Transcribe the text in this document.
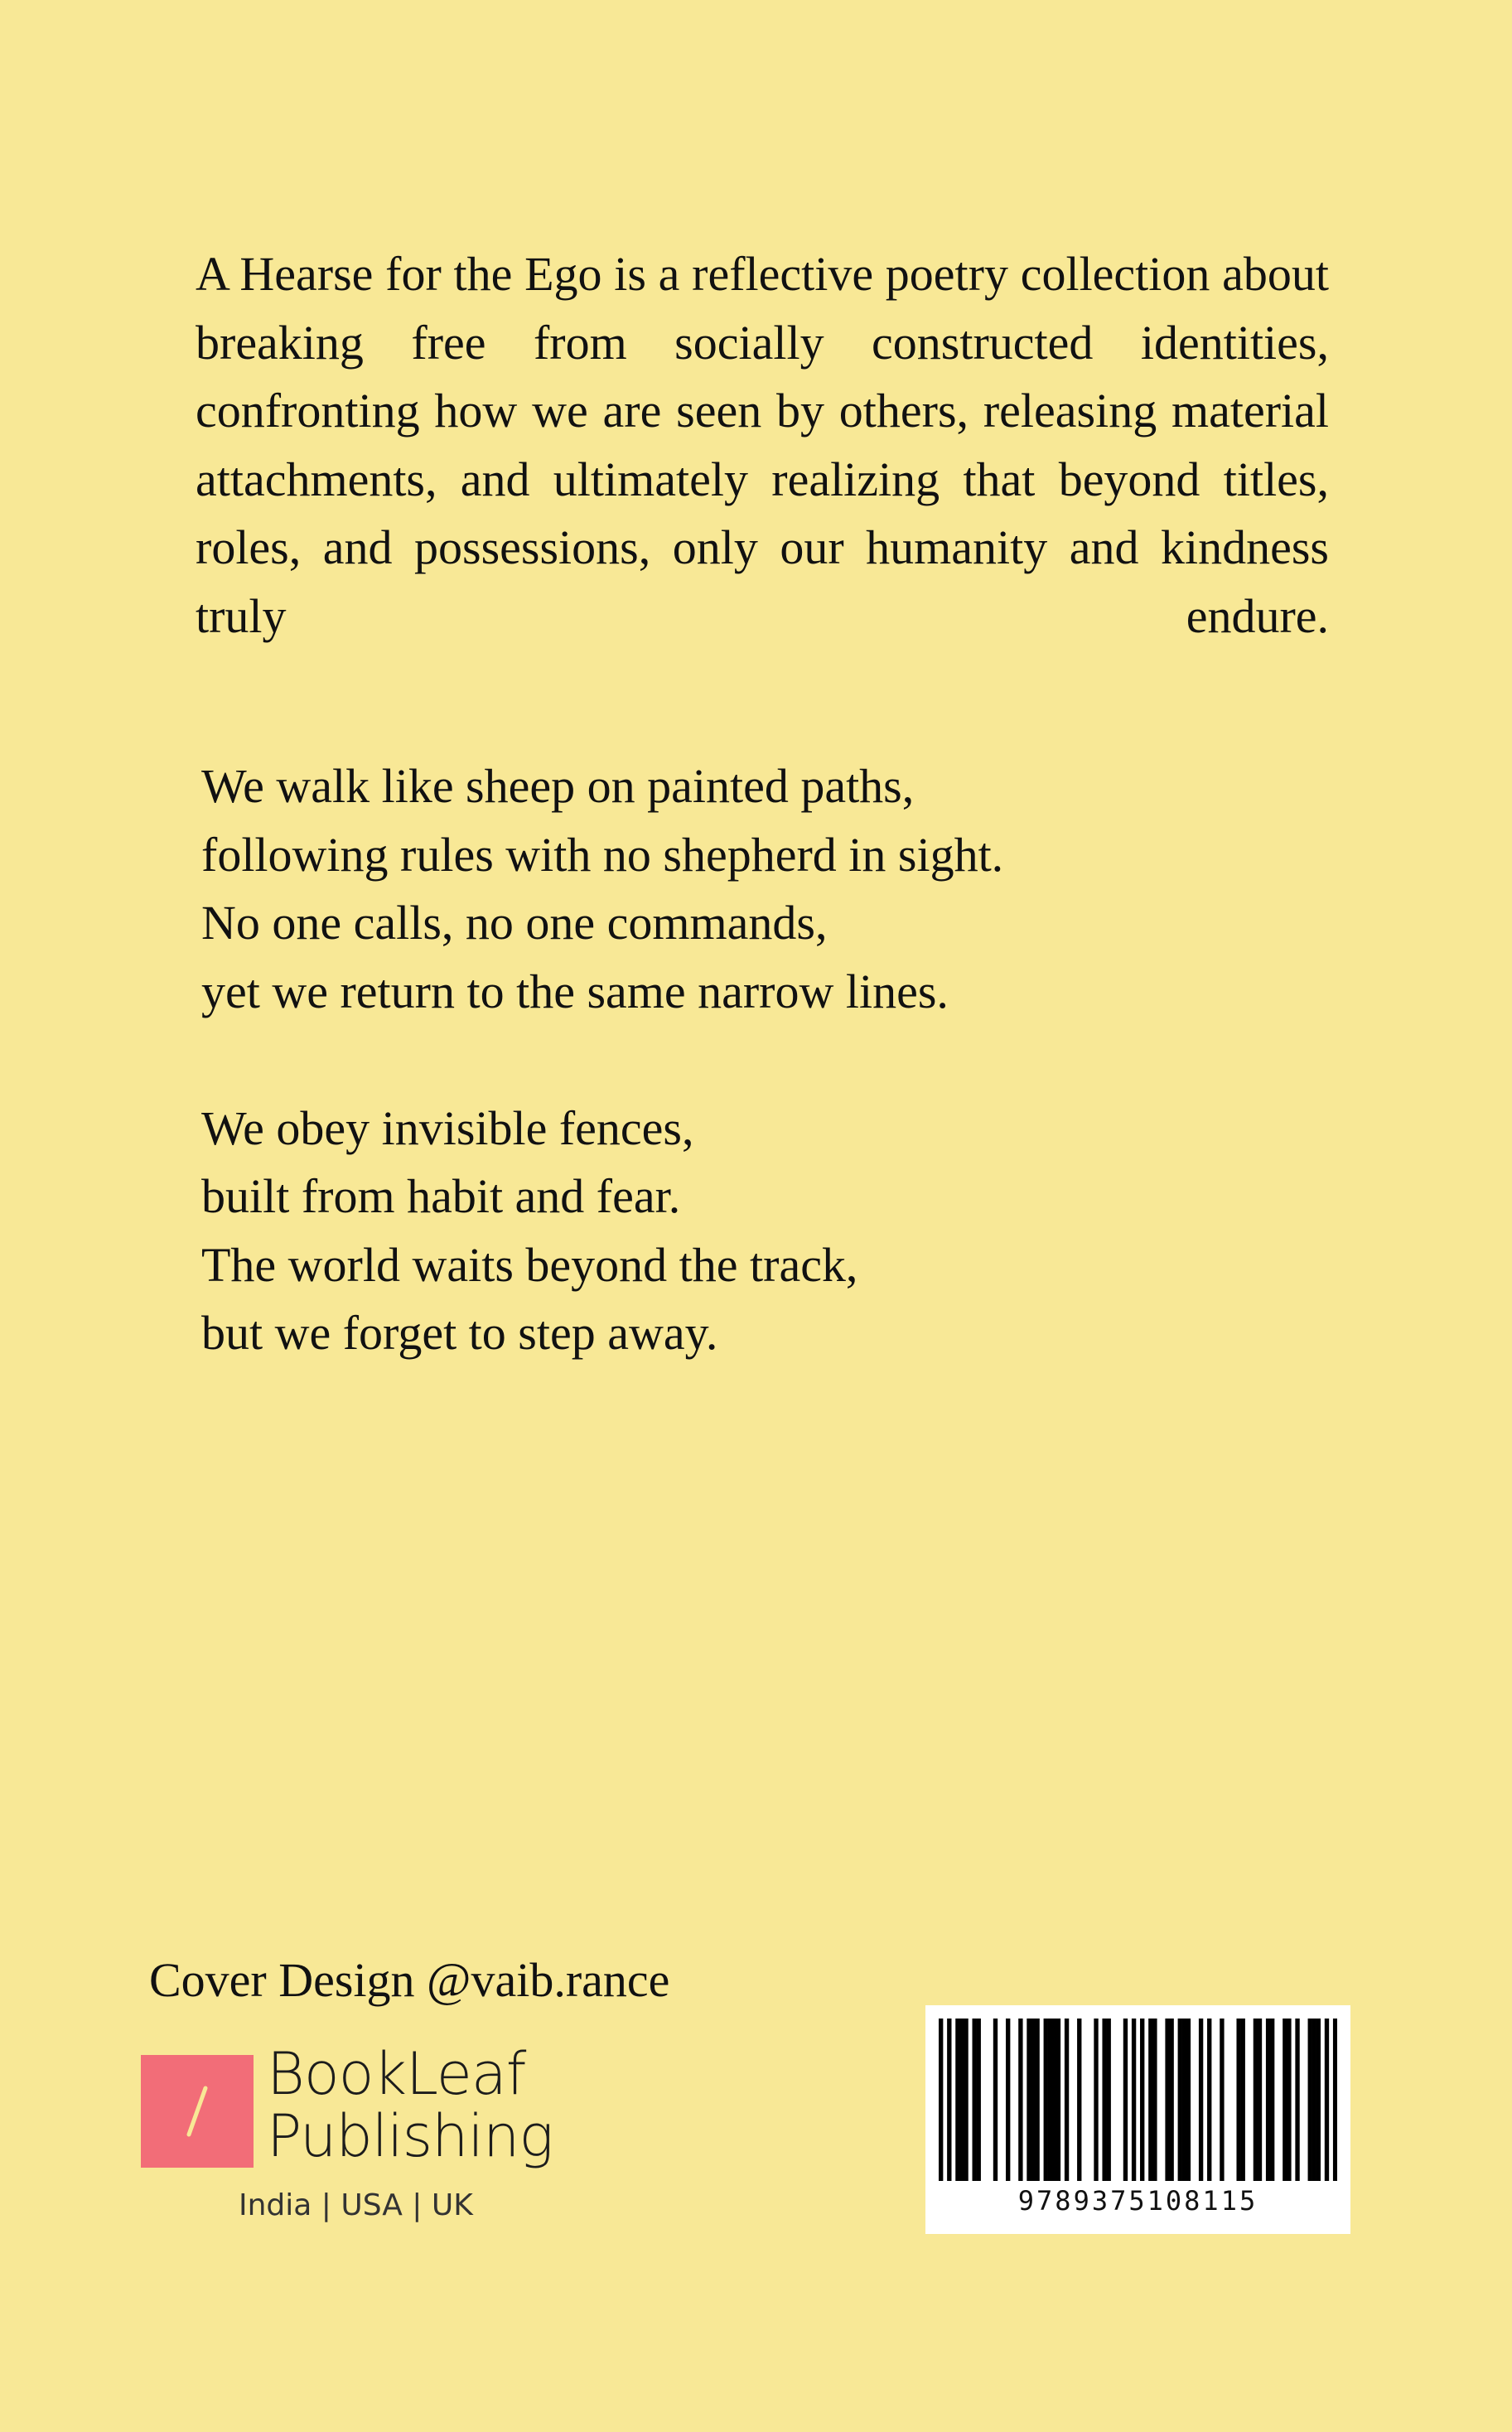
A Hearse for the Ego is a reflective poetry collection about breaking free from socially constructed identities, confronting how we are seen by others, releasing material attachments, and ultimately realizing that beyond titles, roles, and possessions, only our humanity and kindness truly endure.

We walk like sheep on painted paths,
following rules with no shepherd in sight.
No one calls, no one commands,
yet we return to the same narrow lines.
We obey invisible fences,
built from habit and fear.
The world waits beyond the track,
but we forget to step away.
Cover Design @vaib.rance
BookLeaf
Publishing
India | USA | UK	9789375108115
